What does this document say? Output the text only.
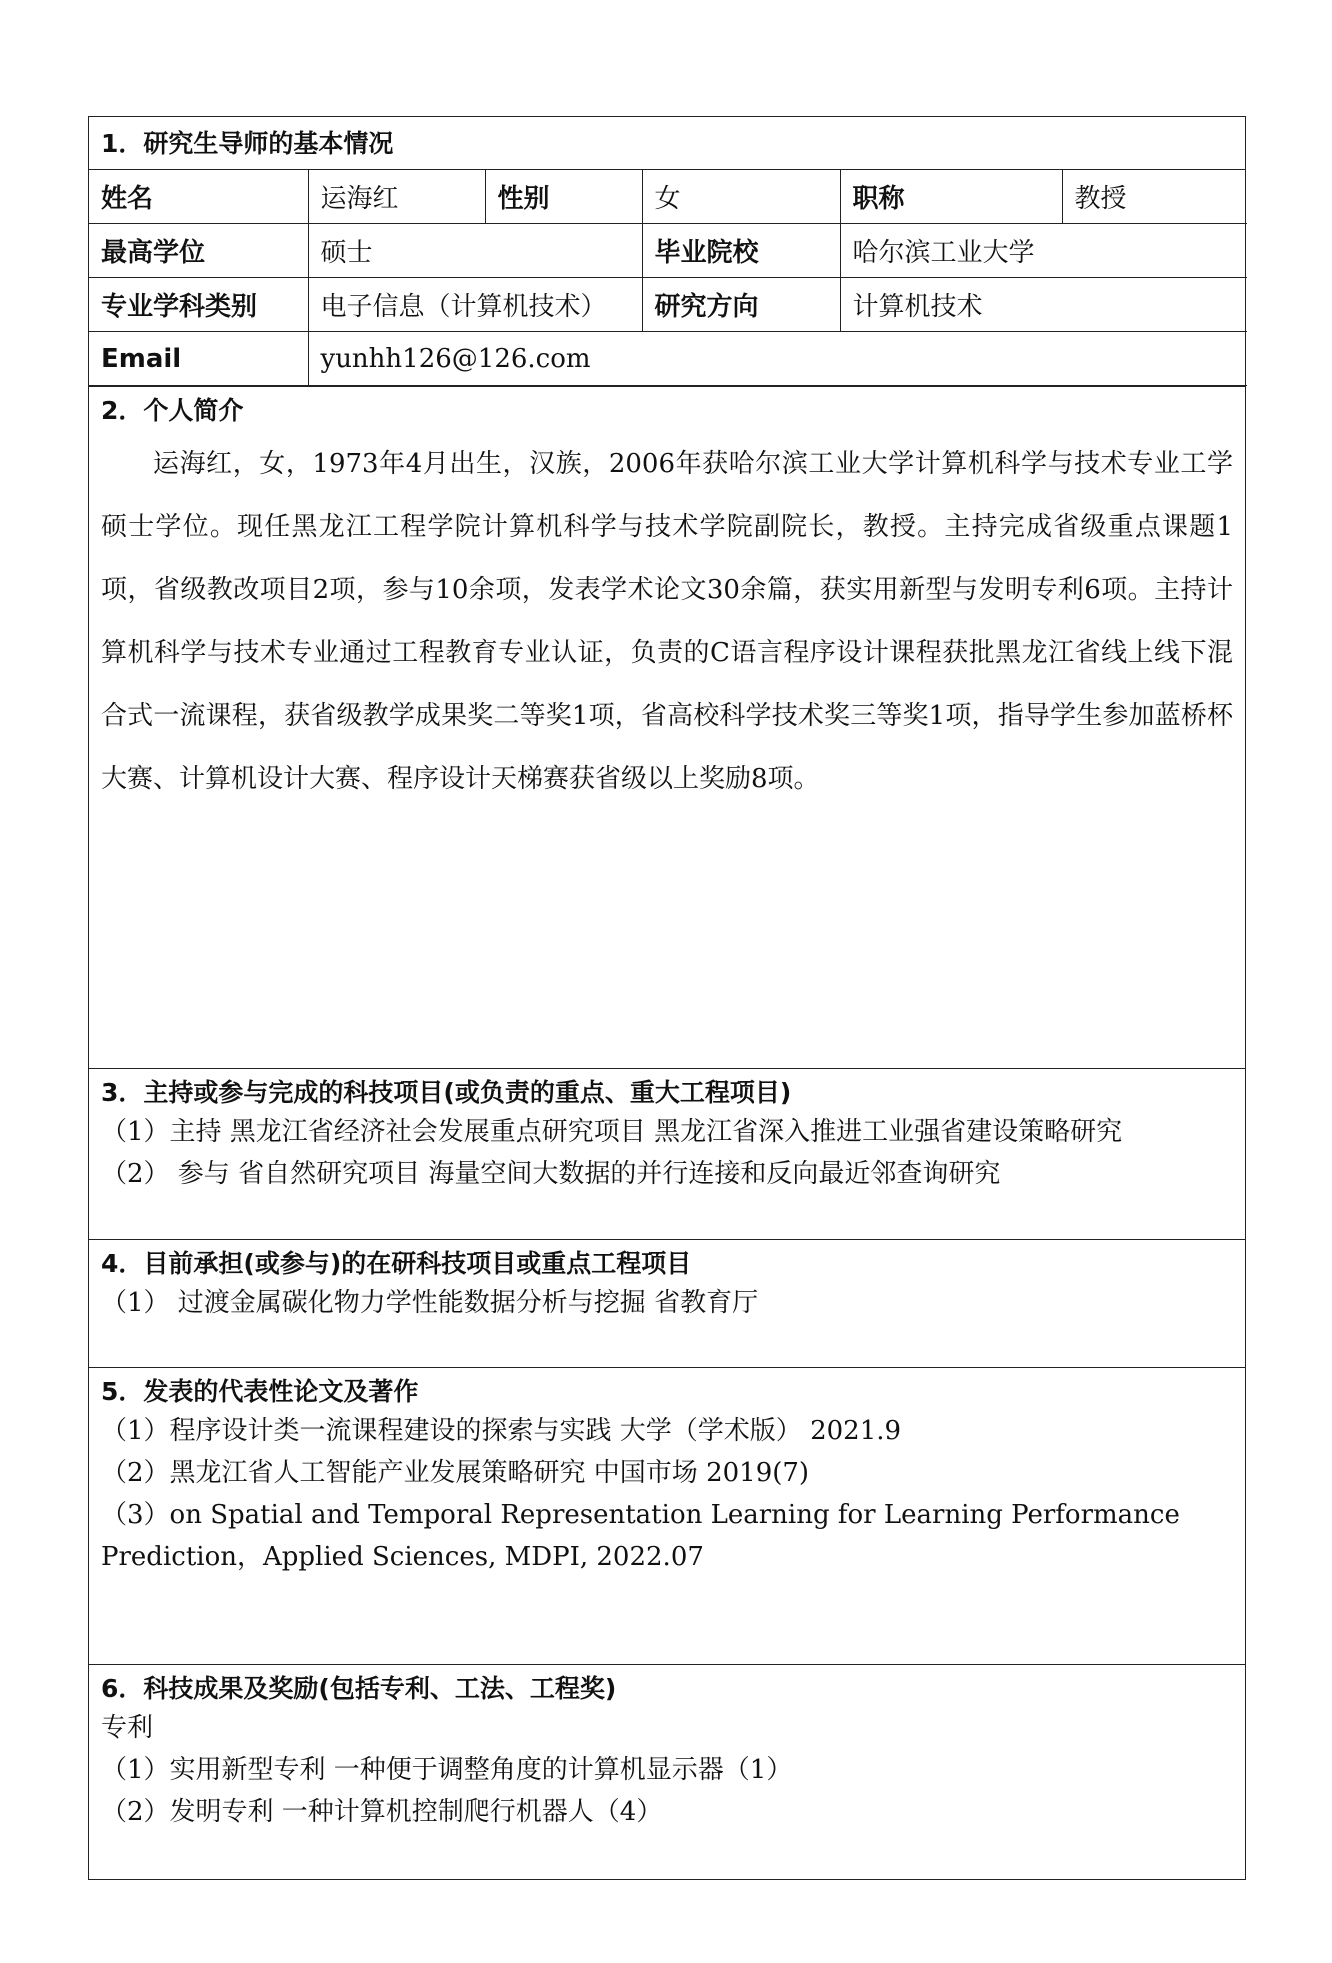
1．研究生导师的基本情况
姓名	运海红	性别	女	职称	教授
最高学位	硕士		毕业院校	哈尔滨工业大学	
专业学科类别	电子信息（计算机技术）		研究方向	计算机技术	
Email	yunhh126@126.com				
2．个人简介
运海红，女，1973年4月出生，汉族，2006年获哈尔滨工业大学计算机科学与技术专业工学硕士学位。现任黑龙江工程学院计算机科学与技术学院副院长，教授。主持完成省级重点课题1项，省级教改项目2项，参与10余项，发表学术论文30余篇，获实用新型与发明专利6项。主持计算机科学与技术专业通过工程教育专业认证，负责的C语言程序设计课程获批黑龙江省线上线下混合式一流课程，获省级教学成果奖二等奖1项，省高校科学技术奖三等奖1项，指导学生参加蓝桥杯大赛、计算机设计大赛、程序设计天梯赛获省级以上奖励8项。
3．主持或参与完成的科技项目(或负责的重点、重大工程项目)
（1）主持 黑龙江省经济社会发展重点研究项目 黑龙江省深入推进工业强省建设策略研究
（2） 参与 省自然研究项目 海量空间大数据的并行连接和反向最近邻查询研究
4．目前承担(或参与)的在研科技项目或重点工程项目
（1） 过渡金属碳化物力学性能数据分析与挖掘 省教育厅
5．发表的代表性论文及著作
（1）程序设计类一流课程建设的探索与实践 大学（学术版） 2021.9
（2）黑龙江省人工智能产业发展策略研究 中国市场 2019(7)
（3）on Spatial and Temporal Representation Learning for Learning Performance Prediction，Applied Sciences, MDPI, 2022.07
6．科技成果及奖励(包括专利、工法、工程奖)
专利
（1）实用新型专利 一种便于调整角度的计算机显示器（1）
（2）发明专利 一种计算机控制爬行机器人（4）
